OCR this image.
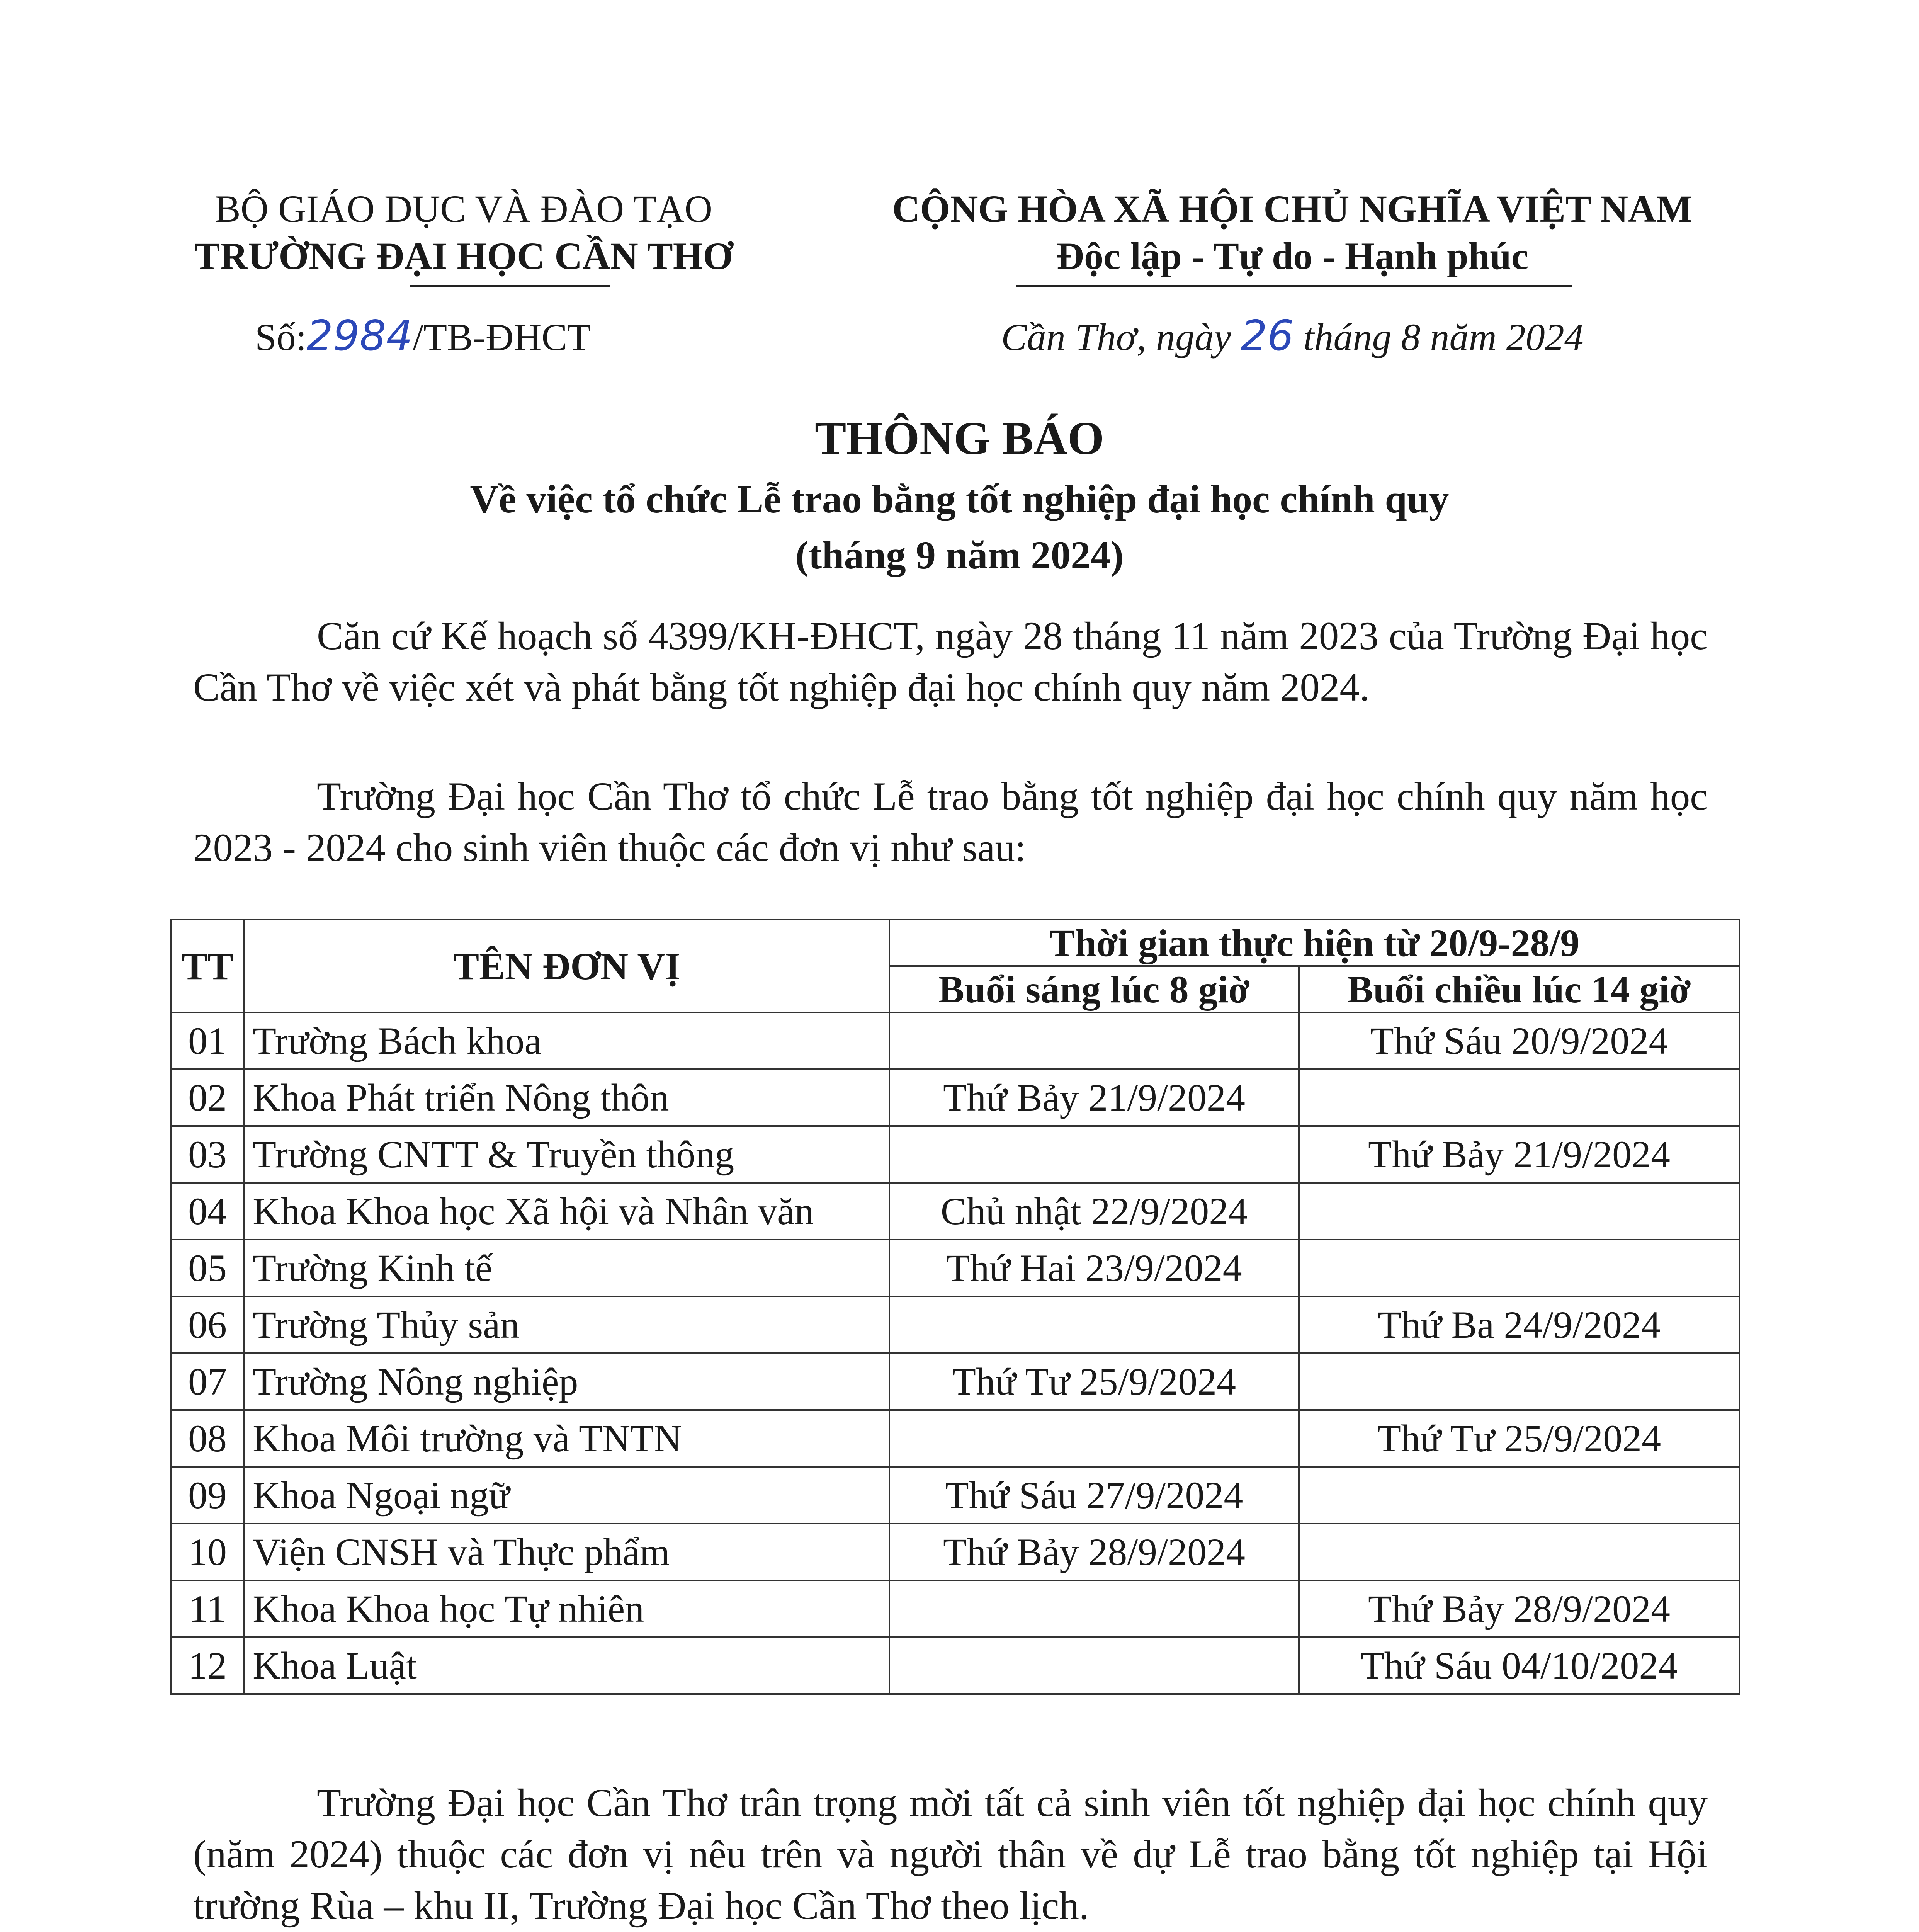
BỘ GIÁO DỤC VÀ ĐÀO TẠO
TRƯỜNG ĐẠI HỌC CẦN THƠ
Số:2984/TB-ĐHCT
CỘNG HÒA XÃ HỘI CHỦ NGHĨA VIỆT NAM
Độc lập - Tự do - Hạnh phúc
Cần Thơ, ngày 26 tháng 8 năm 2024
THÔNG BÁO
Về việc tổ chức Lễ trao bằng tốt nghiệp đại học chính quy
(tháng 9 năm 2024)
Căn cứ Kế hoạch số 4399/KH-ĐHCT, ngày 28 tháng 11 năm 2023 của Trường Đại học Cần Thơ về việc xét và phát bằng tốt nghiệp đại học chính quy năm 2024.
Trường Đại học Cần Thơ tổ chức Lễ trao bằng tốt nghiệp đại học chính quy năm học 2023 - 2024 cho sinh viên thuộc các đơn vị như sau:
TT	TÊN ĐƠN VỊ	Thời gian thực hiện từ 20/9-28/9	
		Buổi sáng lúc 8 giờ	Buổi chiều lúc 14 giờ
01	Trường Bách khoa		Thứ Sáu 20/9/2024
02	Khoa Phát triển Nông thôn	Thứ Bảy 21/9/2024	
03	Trường CNTT & Truyền thông		Thứ Bảy 21/9/2024
04	Khoa Khoa học Xã hội và Nhân văn	Chủ nhật 22/9/2024	
05	Trường Kinh tế	Thứ Hai 23/9/2024	
06	Trường Thủy sản		Thứ Ba 24/9/2024
07	Trường Nông nghiệp	Thứ Tư 25/9/2024	
08	Khoa Môi trường và TNTN		Thứ Tư 25/9/2024
09	Khoa Ngoại ngữ	Thứ Sáu 27/9/2024	
10	Viện CNSH và Thực phẩm	Thứ Bảy 28/9/2024	
11	Khoa Khoa học Tự nhiên		Thứ Bảy 28/9/2024
12	Khoa Luật		Thứ Sáu 04/10/2024
Trường Đại học Cần Thơ trân trọng mời tất cả sinh viên tốt nghiệp đại học chính quy (năm 2024) thuộc các đơn vị nêu trên và người thân về dự Lễ trao bằng tốt nghiệp tại Hội trường Rùa – khu II, Trường Đại học Cần Thơ theo lịch.
